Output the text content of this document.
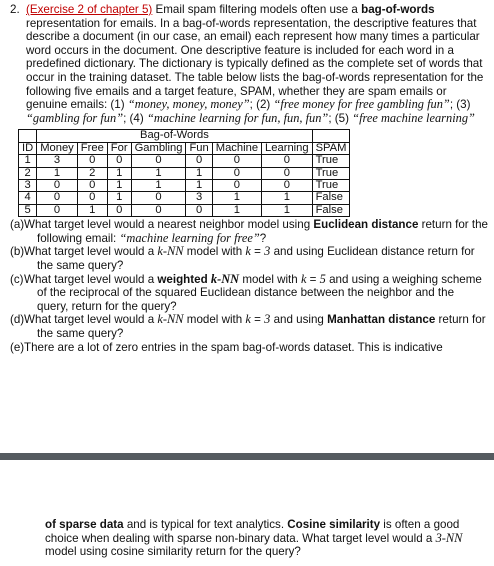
2. (Exercise 2 of chapter 5) Email spam filtering models often use a bag-of-words representation for emails. In a bag-of-words representation, the descriptive features that describe a document (in our case, an email) each represent how many times a particular word occurs in the document. One descriptive feature is included for each word in a predefined dictionary. The dictionary is typically defined as the complete set of words that occur in the training dataset. The table below lists the bag-of-words representation for the following five emails and a target feature, SPAM, whether they are spam emails or genuine emails: (1) “money, money, money”; (2) “free money for free gambling fun”; (3) “gambling for fun”; (4) “machine learning for fun, fun, fun”; (5) “free machine learning”
	Bag-of-Words							
ID	Money	Free	For	Gambling	Fun	Machine	Learning	SPAM
1	3	0	0	0	0	0	0	True
2	1	2	1	1	1	0	0	True
3	0	0	1	1	1	0	0	True
4	0	0	1	0	3	1	1	False
5	0	1	0	0	0	1	1	False
(a) What target level would a nearest neighbor model using Euclidean distance return for the following email: “machine learning for free”?
(b) What target level would a k-NN model with k = 3 and using Euclidean distance return for the same query?
(c) What target level would a weighted k-NN model with k = 5 and using a weighing scheme of the reciprocal of the squared Euclidean distance between the neighbor and the query, return for the query?
(d) What target level would a k-NN model with k = 3 and using Manhattan distance return for the same query?
(e) There are a lot of zero entries in the spam bag-of-words dataset. This is indicative
of sparse data and is typical for text analytics. Cosine similarity is often a good choice when dealing with sparse non-binary data. What target level would a 3-NN model using cosine similarity return for the query?
